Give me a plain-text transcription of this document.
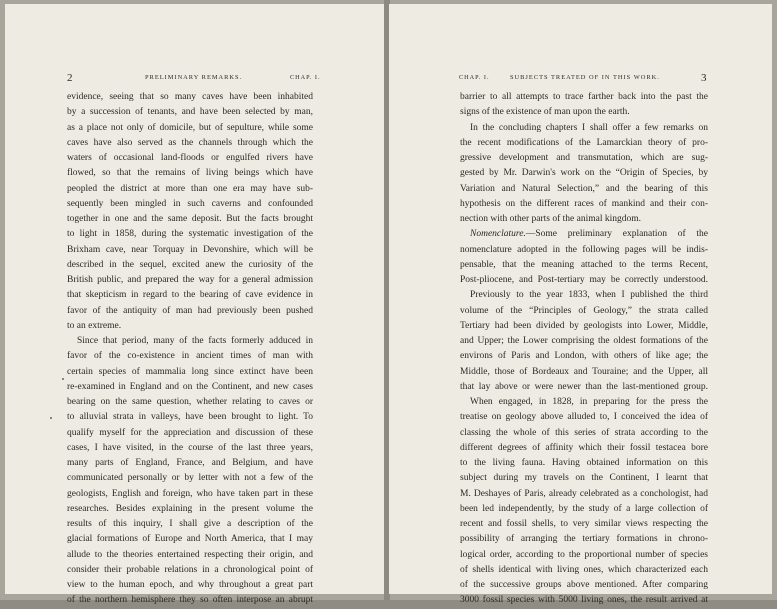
2	PRELIMINARY REMARKS.	CHAP. I.
evidence, seeing that so many caves have been inhabited
by a succession of tenants, and have been selected by man,
as a place not only of domicile, but of sepulture, while some
caves have also served as the channels through which the
waters of occasional land-floods or engulfed rivers have
flowed, so that the remains of living beings which have
peopled the district at more than one era may have sub-
sequently been mingled in such caverns and confounded
together in one and the same deposit. But the facts brought
to light in 1858, during the systematic investigation of the
Brixham cave, near Torquay in Devonshire, which will be
described in the sequel, excited anew the curiosity of the
British public, and prepared the way for a general admission
that skepticism in regard to the bearing of cave evidence in
favor of the antiquity of man had previously been pushed
to an extreme.
Since that period, many of the facts formerly adduced in
favor of the co-existence in ancient times of man with
certain species of mammalia long since extinct have been
re-examined in England and on the Continent, and new cases
bearing on the same question, whether relating to caves or
to alluvial strata in valleys, have been brought to light. To
qualify myself for the appreciation and discussion of these
cases, I have visited, in the course of the last three years,
many parts of England, France, and Belgium, and have
communicated personally or by letter with not a few of the
geologists, English and foreign, who have taken part in these
researches. Besides explaining in the present volume the
results of this inquiry, I shall give a description of the
glacial formations of Europe and North America, that I may
allude to the theories entertained respecting their origin, and
consider their probable relations in a chronological point of
view to the human epoch, and why throughout a great part
of the northern hemisphere they so often interpose an abrupt
CHAP. I.	SUBJECTS TREATED OF IN THIS WORK.	3
barrier to all attempts to trace farther back into the past the
signs of the existence of man upon the earth.
In the concluding chapters I shall offer a few remarks on
the recent modifications of the Lamarckian theory of pro-
gressive development and transmutation, which are sug-
gested by Mr. Darwin's work on the “Origin of Species, by
Variation and Natural Selection,” and the bearing of this
hypothesis on the different races of mankind and their con-
nection with other parts of the animal kingdom.
Nomenclature.—Some preliminary explanation of the
nomenclature adopted in the following pages will be indis-
pensable, that the meaning attached to the terms Recent,
Post-pliocene, and Post-tertiary may be correctly understood.
Previously to the year 1833, when I published the third
volume of the “Principles of Geology,” the strata called
Tertiary had been divided by geologists into Lower, Middle,
and Upper; the Lower comprising the oldest formations of the
environs of Paris and London, with others of like age; the
Middle, those of Bordeaux and Touraine; and the Upper, all
that lay above or were newer than the last-mentioned group.
When engaged, in 1828, in preparing for the press the
treatise on geology above alluded to, I conceived the idea of
classing the whole of this series of strata according to the
different degrees of affinity which their fossil testacea bore
to the living fauna. Having obtained information on this
subject during my travels on the Continent, I learnt that
M. Deshayes of Paris, already celebrated as a conchologist, had
been led independently, by the study of a large collection of
recent and fossil shells, to very similar views respecting the
possibility of arranging the tertiary formations in chrono-
logical order, according to the proportional number of species
of shells identical with living ones, which characterized each
of the successive groups above mentioned. After comparing
3000 fossil species with 5000 living ones, the result arrived at
